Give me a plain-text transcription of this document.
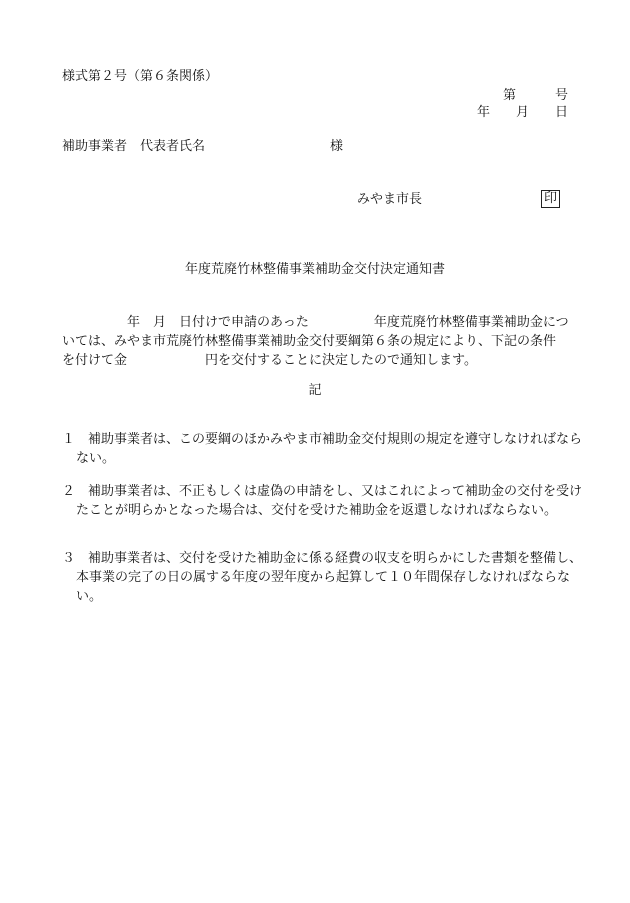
様式第２号（第６条関係）
第　　　号
年　　月　　日
補助事業者　代表者氏名	様
みやま市長	印
年度荒廃竹林整備事業補助金交付決定通知書
　　　　　年　月　日付けで申請のあった　　　　　年度荒廃竹林整備事業補助金につ
いては、みやま市荒廃竹林整備事業補助金交付要綱第６条の規定により、下記の条件
を付けて金　　　　　　円を交付することに決定したので通知します。
記
１　補助事業者は、この要綱のほかみやま市補助金交付規則の規定を遵守しなければならない。
２　補助事業者は、不正もしくは虚偽の申請をし、又はこれによって補助金の交付を受けたことが明らかとなった場合は、交付を受けた補助金を返還しなければならない。
３　補助事業者は、交付を受けた補助金に係る経費の収支を明らかにした書類を整備し、本事業の完了の日の属する年度の翌年度から起算して１０年間保存しなければならない。
